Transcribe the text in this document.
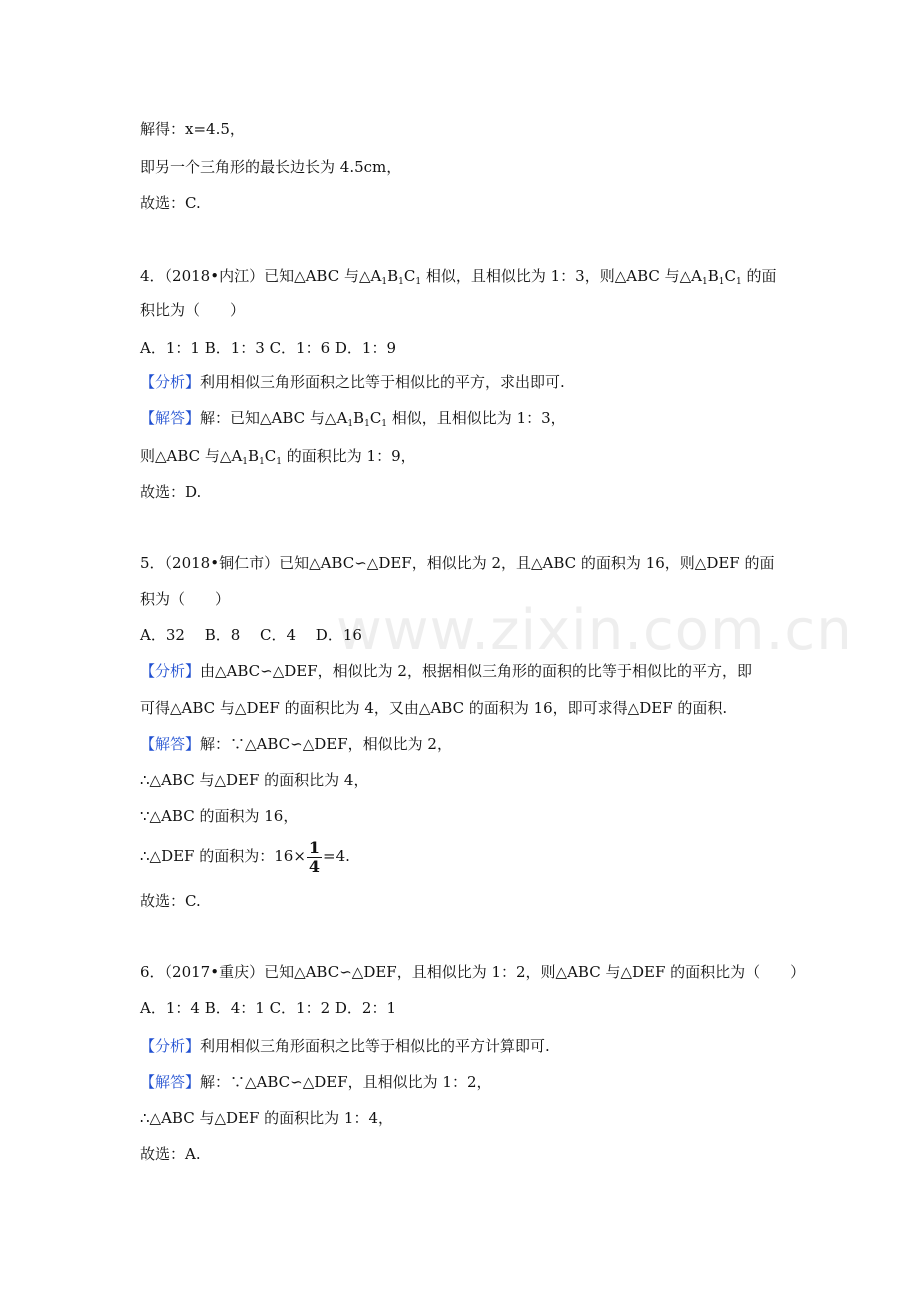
www.zixin.com.cn
解得：x=4.5，
即另一个三角形的最长边长为 4.5cm，
故选：C.
4．（2018•内江）已知△ABC 与$\triangle A_1B_1C_1$ 相似，且相似比为 1：3，则△ABC 与$\triangle A_1B_1C_1$ 的面
积比为（　　）
A．1：1 B．1：3 C．1：6 D．1：9
【分析】利用相似三角形面积之比等于相似比的平方，求出即可.
【解答】解：已知△ABC 与$\triangle A_1B_1C_1$ 相似，且相似比为 1：3，
则△ABC 与$\triangle A_1B_1C_1$ 的面积比为 1：9，
故选：D.
5．（2018•铜仁市）已知△ABC∽△DEF，相似比为 2，且△ABC 的面积为 16，则△DEF 的面
积为（　　）
A．32　 B．8　 C．4　 D．16
【分析】由△ABC∽△DEF，相似比为 2，根据相似三角形的面积的比等于相似比的平方，即
可得△ABC 与△DEF 的面积比为 4，又由△ABC 的面积为 16，即可求得△DEF 的面积.
【解答】解：∵△ABC∽△DEF，相似比为 2，
∴△ABC 与△DEF 的面积比为 4，
∵△ABC 的面积为 16，
∴△DEF 的面积为：$16\times \frac{1}{4} =4$.
故选：C.
6．（2017•重庆）已知△ABC∽△DEF，且相似比为 1：2，则△ABC 与△DEF 的面积比为（　　）
A．1：4 B．4：1 C．1：2 D．2：1
【分析】利用相似三角形面积之比等于相似比的平方计算即可.
【解答】解：∵△ABC∽△DEF，且相似比为 1：2，
∴△ABC 与△DEF 的面积比为 1：4，
故选：A.
